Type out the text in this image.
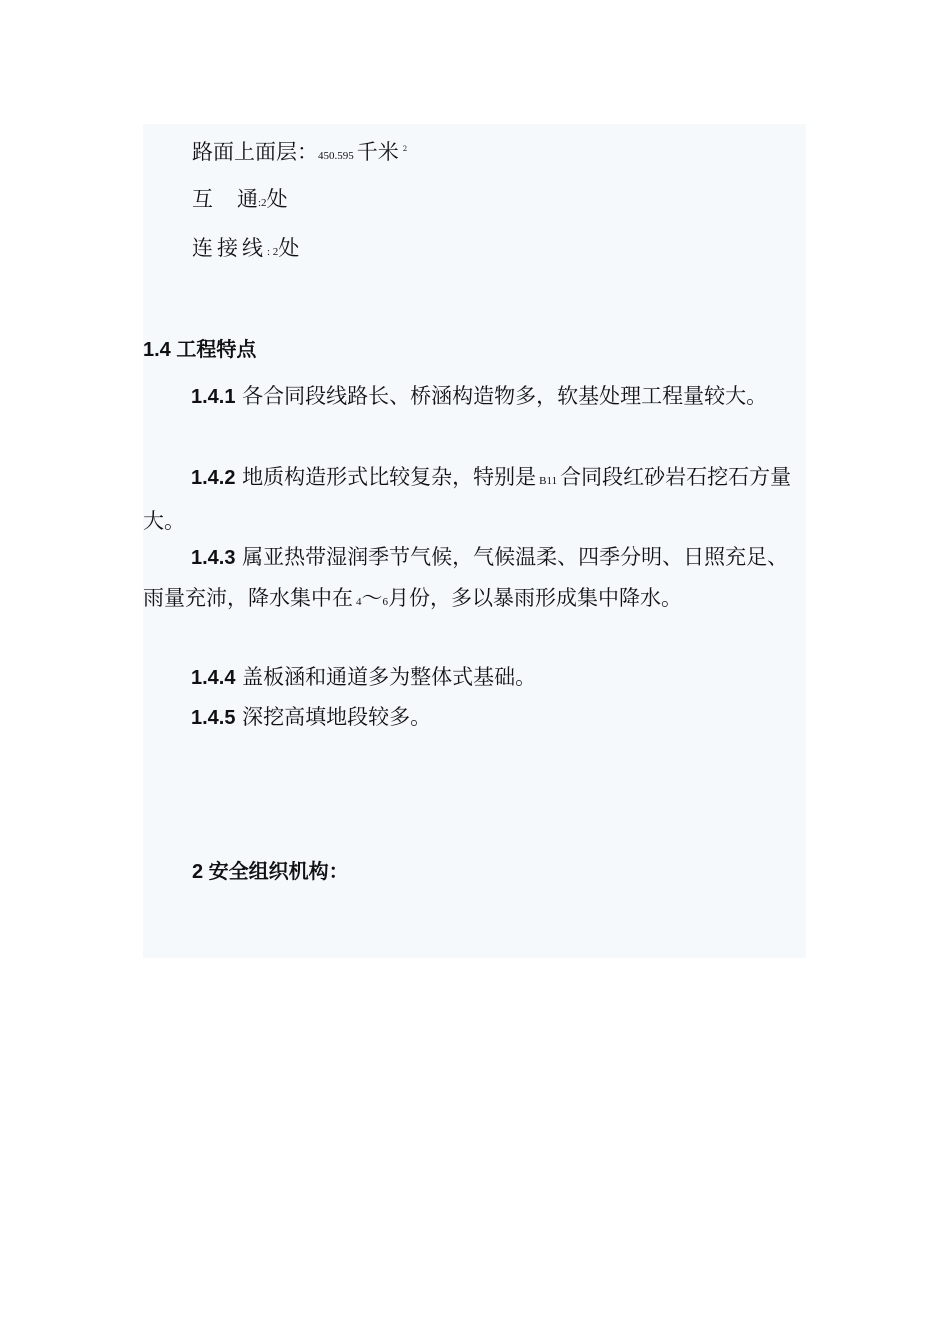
路面上面层：450.595 千米 $^2$
互 通:2处
连接线: 2处
1.4 工程特点
1.4.1 各合同段线路长、桥涵构造物多，软基处理工程量较大。
1.4.2 地质构造形式比较复杂，特别是 B11 合同段红砂岩石挖石方量大。
1.4.3 属亚热带湿润季节气候，气候温柔、四季分明、日照充足、雨量充沛，降水集中在 4～6月份，多以暴雨形成集中降水。
1.4.4 盖板涵和通道多为整体式基础。
1.4.5 深挖高填地段较多。
2 安全组织机构：
